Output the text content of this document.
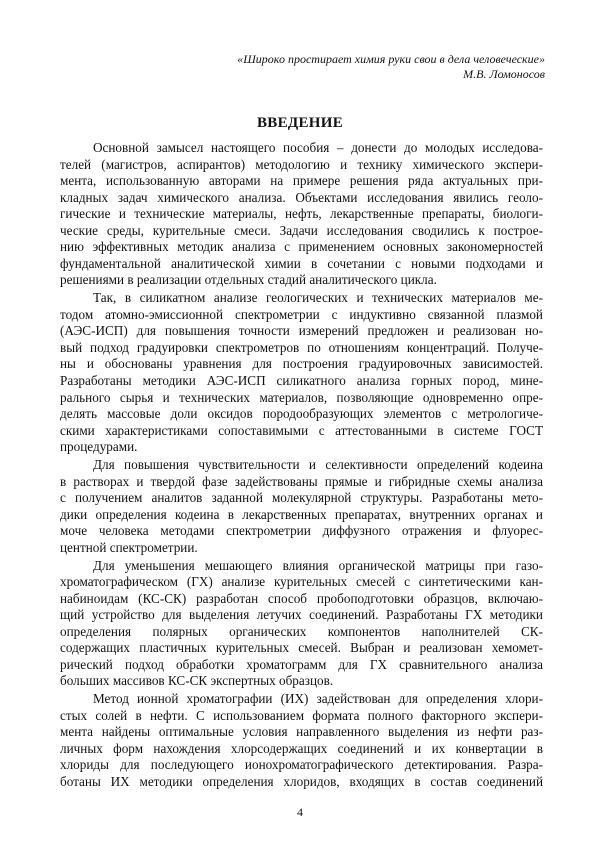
«Широко простирает химия руки свои в дела человеческие»
М.В. Ломоносов
ВВЕДЕНИЕ
Основной замысел настоящего пособия – донести до молодых исследова-
телей (магистров, аспирантов) методологию и технику химического экспери-
мента, использованную авторами на примере решения ряда актуальных при-
кладных задач химического анализа. Объектами исследования явились геоло-
гические и технические материалы, нефть, лекарственные препараты, биологи-
ческие среды, курительные смеси. Задачи исследования сводились к построе-
нию эффективных методик анализа с применением основных закономерностей
фундаментальной аналитической химии в сочетании с новыми подходами и
решениями в реализации отдельных стадий аналитического цикла.
Так, в силикатном анализе геологических и технических материалов ме-
тодом атомно-эмиссионной спектрометрии с индуктивно связанной плазмой
(АЭС-ИСП) для повышения точности измерений предложен и реализован но-
вый подход градуировки спектрометров по отношениям концентраций. Получе-
ны и обоснованы уравнения для построения градуировочных зависимостей.
Разработаны методики АЭС-ИСП силикатного анализа горных пород, мине-
рального сырья и технических материалов, позволяющие одновременно опре-
делять массовые доли оксидов породообразующих элементов с метрологиче-
скими характеристиками сопоставимыми с аттестованными в системе ГОСТ
процедурами.
Для повышения чувствительности и селективности определений кодеина
в растворах и твердой фазе задействованы прямые и гибридные схемы анализа
с получением аналитов заданной молекулярной структуры. Разработаны мето-
дики определения кодеина в лекарственных препаратах, внутренних органах и
моче человека методами спектрометрии диффузного отражения и флуорес-
центной спектрометрии.
Для уменьшения мешающего влияния органической матрицы при газо-
хроматографическом (ГХ) анализе курительных смесей с синтетическими кан-
набиноидам (КС-СК) разработан способ пробоподготовки образцов, включаю-
щий устройство для выделения летучих соединений. Разработаны ГХ методики
определения полярных органических компонентов наполнителей СК-
содержащих пластичных курительных смесей. Выбран и реализован хемомет-
рический подход обработки хроматограмм для ГХ сравнительного анализа
больших массивов КС-СК экспертных образцов.
Метод ионной хроматографии (ИХ) задействован для определения хлори-
стых солей в нефти. С использованием формата полного факторного экспери-
мента найдены оптимальные условия направленного выделения из нефти раз-
личных форм нахождения хлорсодержащих соединений и их конвертации в
хлориды для последующего ионохроматографического детектирования. Разра-
ботаны ИХ методики определения хлоридов, входящих в состав соединений
4
